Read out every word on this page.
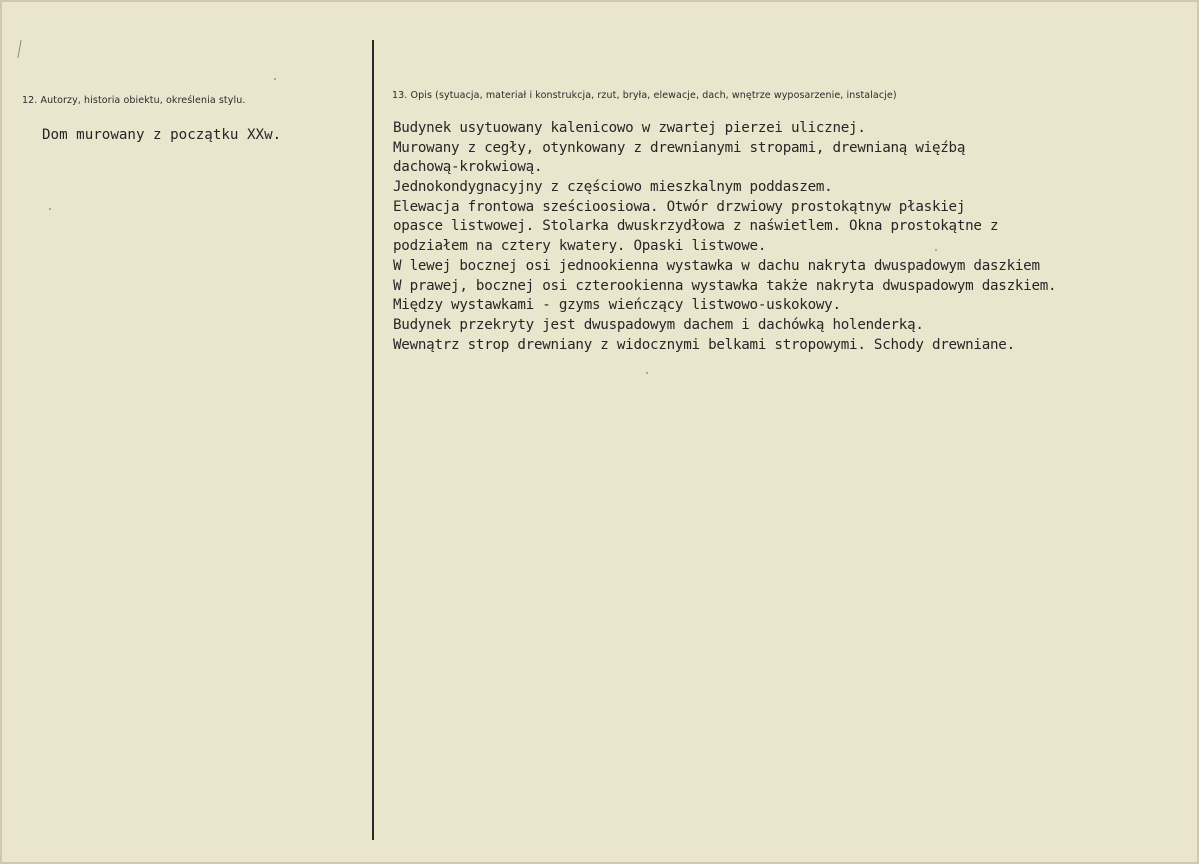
12. Autorzy, historia obiektu, określenia stylu.
Dom murowany z początku XXw.
13. Opis (sytuacja, materiał i konstrukcja, rzut, bryła, elewacje, dach, wnętrze wyposarzenie, instalacje)
Budynek usytuowany kalenicowo w zwartej pierzei ulicznej.
Murowany z cegły, otynkowany z drewnianymi stropami, drewnianą więźbą
dachową-krokwiową.
Jednokondygnacyjny z częściowo mieszkalnym poddaszem.
Elewacja frontowa sześcioosiowa. Otwór drzwiowy prostokątnyw płaskiej
opasce listwowej. Stolarka dwuskrzydłowa z naświetlem. Okna prostokątne z
podziałem na cztery kwatery. Opaski listwowe.
W lewej bocznej osi jednookienna wystawka w dachu nakryta dwuspadowym daszkiem
W prawej, bocznej osi czterookienna wystawka także nakryta dwuspadowym daszkiem.
Między wystawkami - gzyms wieńczący listwowo-uskokowy.
Budynek przekryty jest dwuspadowym dachem i dachówką holenderką.
Wewnątrz strop drewniany z widocznymi belkami stropowymi. Schody drewniane.
